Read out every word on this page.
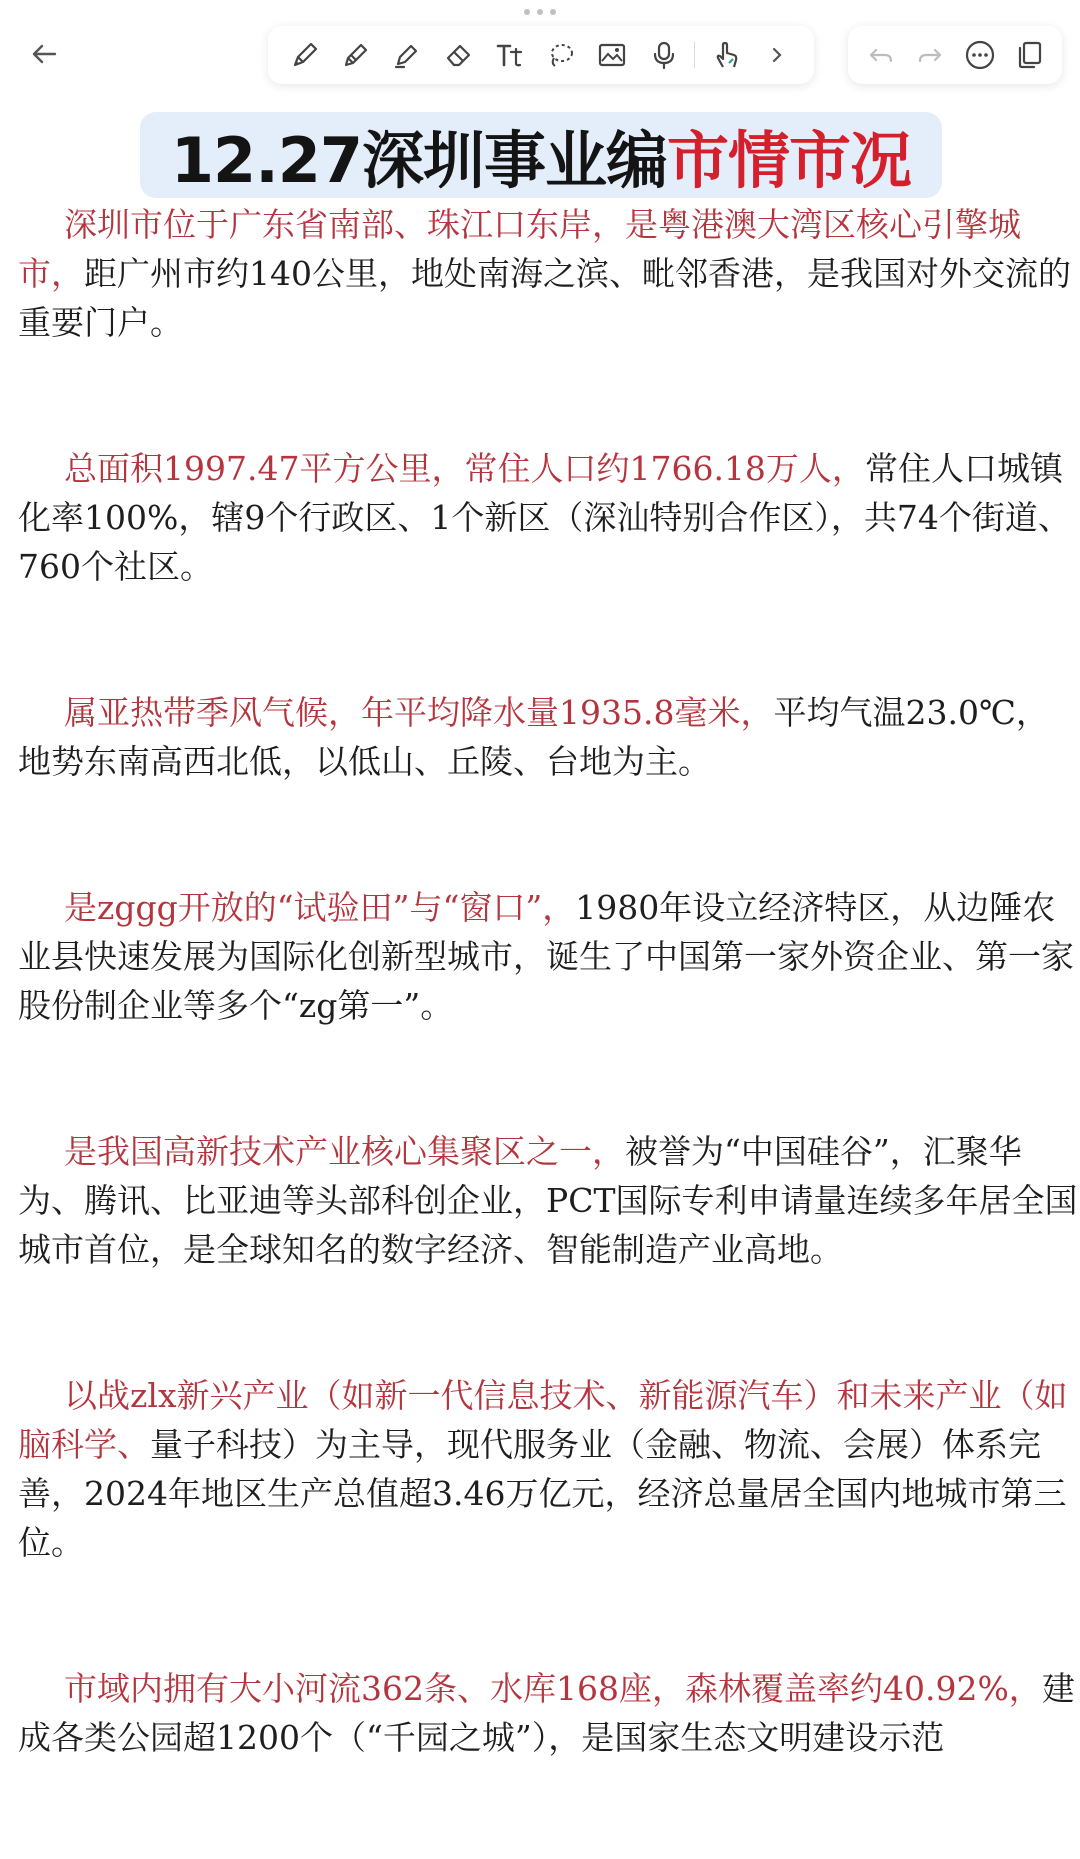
12.27深圳事业编 市情市况

深圳市位于广东省南部、珠江口东岸，是粤港澳大湾区核心引擎城市，距广州市约140公里，地处南海之滨、毗邻香港，是我国对外交流的重要门户。

总面积1997.47平方公里，常住人口约1766.18万人，常住人口城镇化率100%，辖9个行政区、1个新区（深汕特别合作区），共74个街道、760个社区。

属亚热带季风气候，年平均降水量1935.8毫米，平均气温23.0℃，地势东南高西北低，以低山、丘陵、台地为主。

是zggg开放的“试验田”与“窗口”，1980年设立经济特区，从边陲农业县快速发展为国际化创新型城市，诞生了中国第一家外资企业、第一家股份制企业等多个“zg第一”。

是我国高新技术产业核心集聚区之一，被誉为“中国硅谷”，汇聚华为、腾讯、比亚迪等头部科创企业，PCT国际专利申请量连续多年居全国城市首位，是全球知名的数字经济、智能制造产业高地。

以战zlx新兴产业（如新一代信息技术、新能源汽车）和未来产业（如脑科学、量子科技）为主导，现代服务业（金融、物流、会展）体系完善，2024年地区生产总值超3.46万亿元，经济总量居全国内地城市第三位。

市域内拥有大小河流362条、水库168座，森林覆盖率约40.92%，建成各类公园超1200个（“千园之城”），是国家生态文明建设示范
